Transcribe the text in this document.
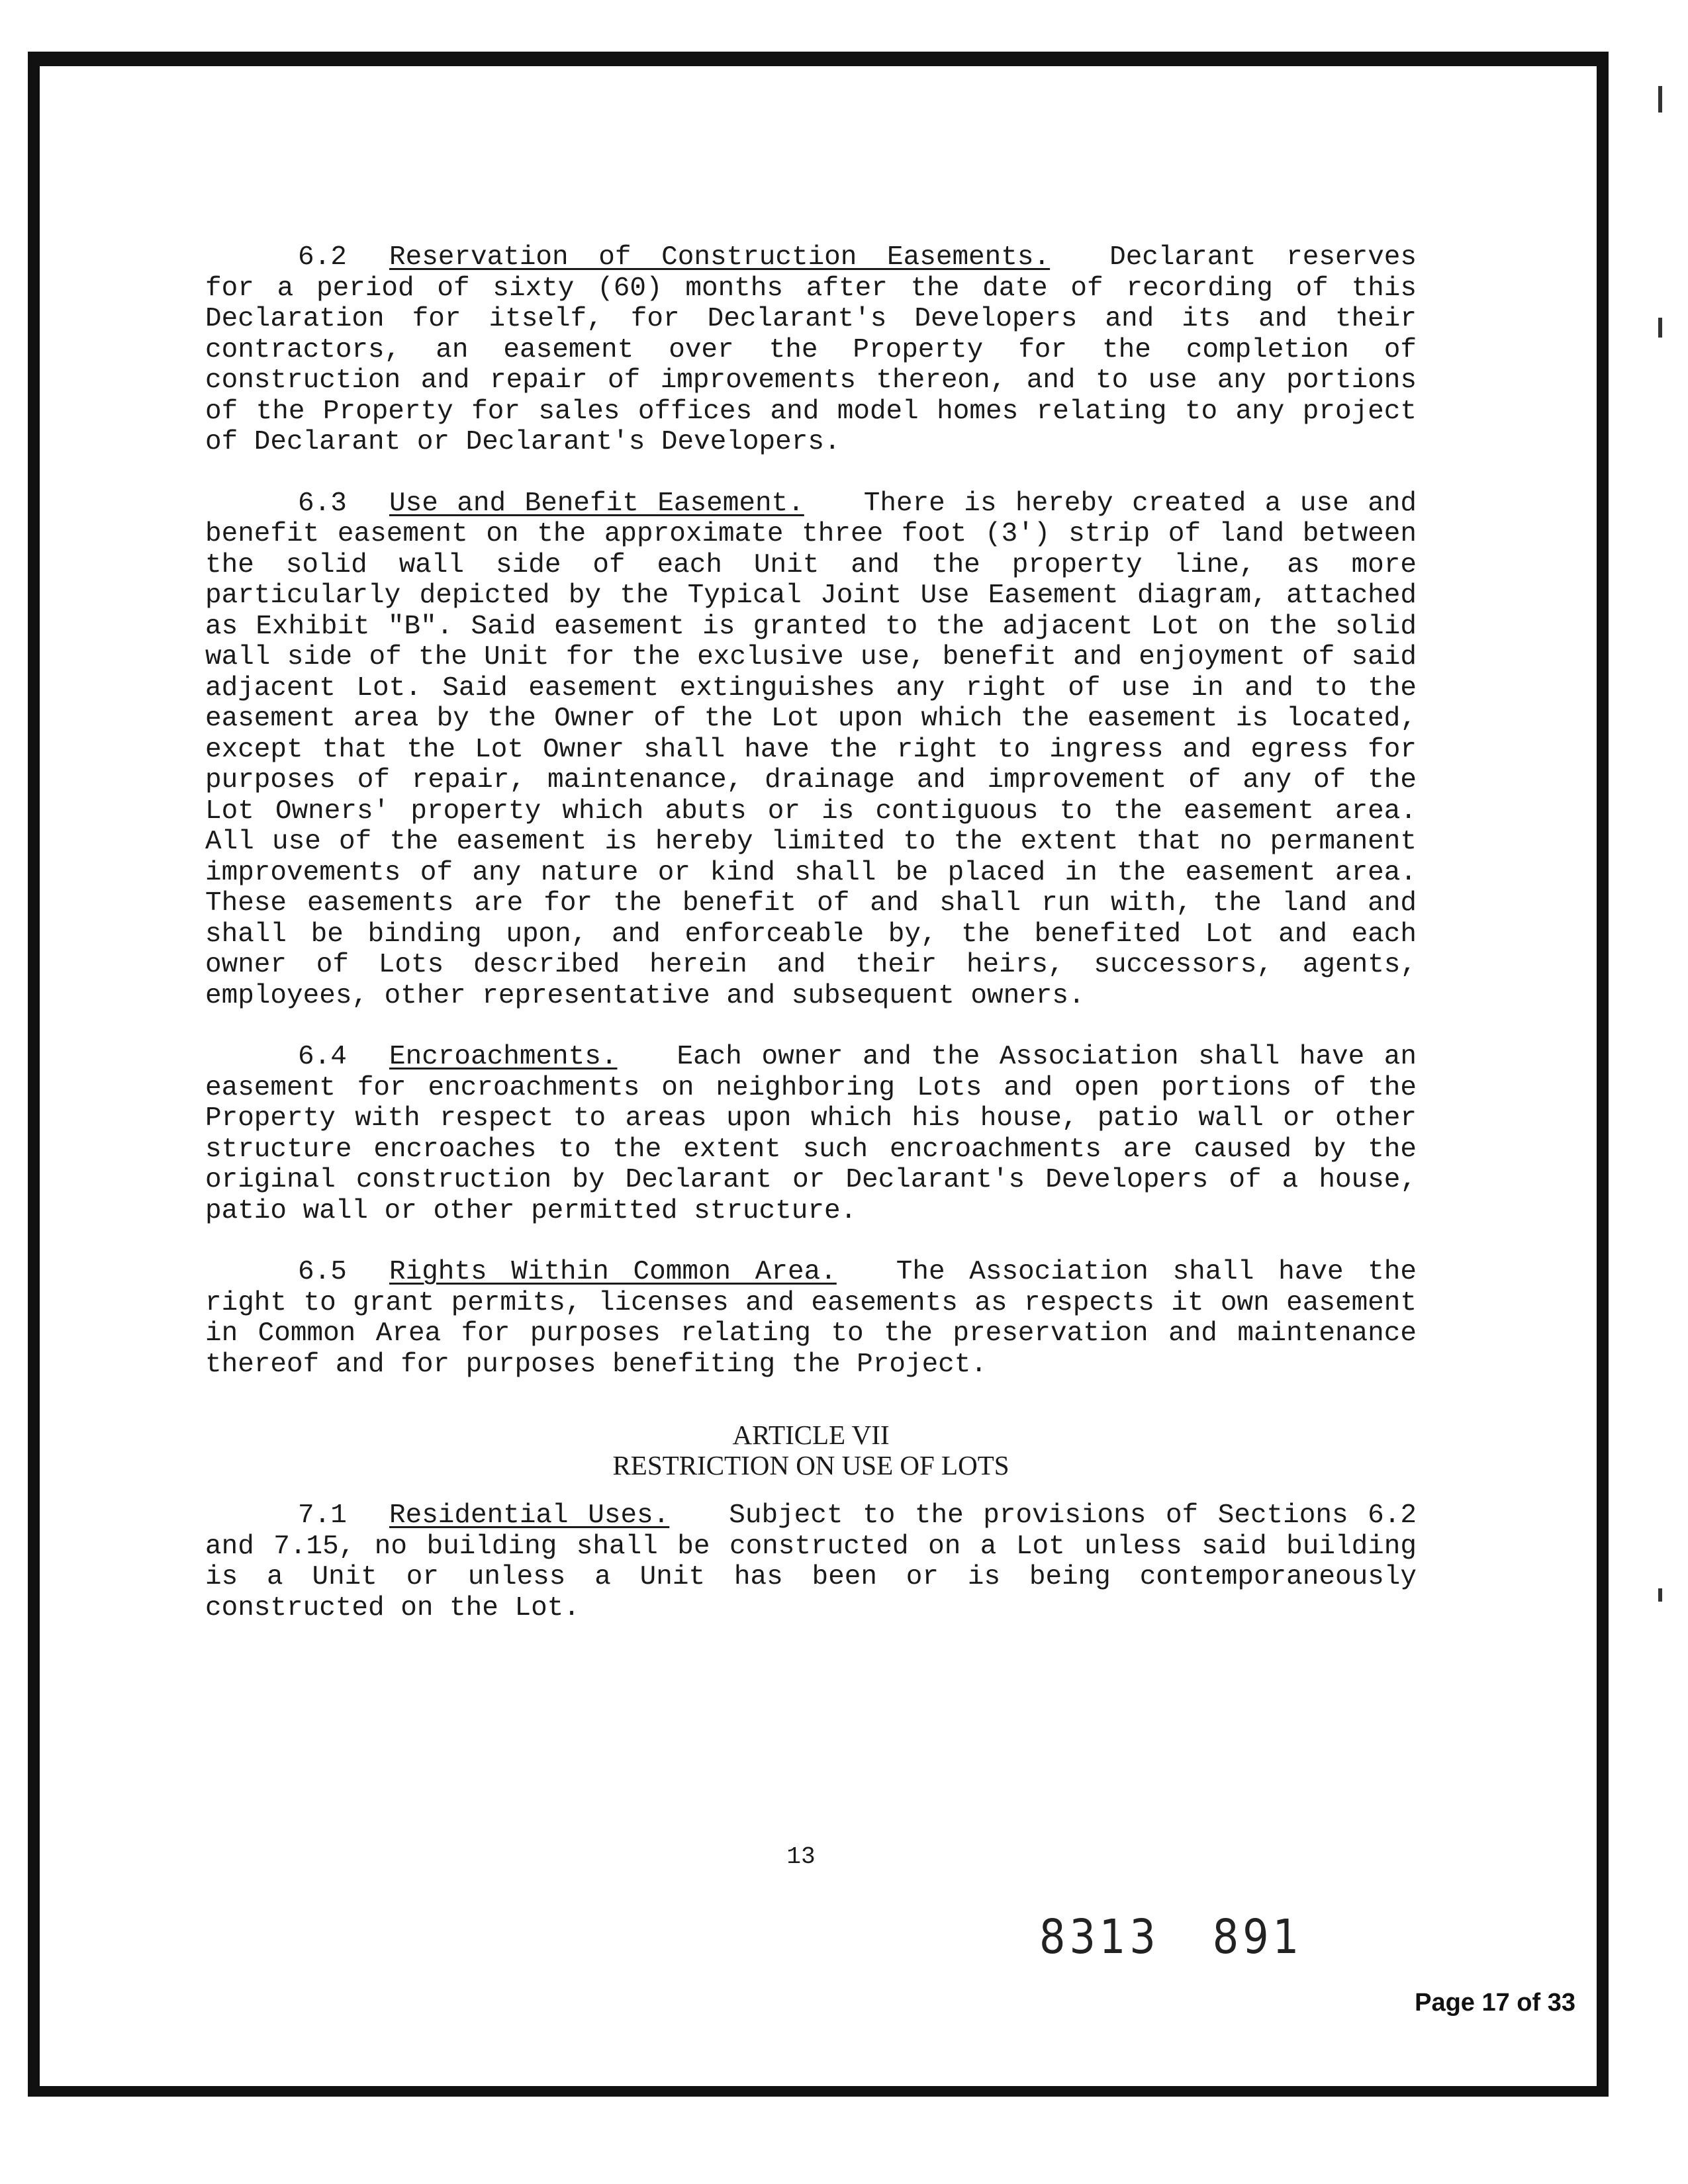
6.2 Reservation of Construction Easements. Declarant reserves for a period of sixty (60) months after the date of recording of this Declaration for itself, for Declarant's Developers and its and their contractors, an easement over the Property for the completion of construction and repair of improvements thereon, and to use any portions of the Property for sales offices and model homes relating to any project of Declarant or Declarant's Developers.

6.3 Use and Benefit Easement. There is hereby created a use and benefit easement on the approximate three foot (3') strip of land between the solid wall side of each Unit and the property line, as more particularly depicted by the Typical Joint Use Easement diagram, attached as Exhibit "B". Said easement is granted to the adjacent Lot on the solid wall side of the Unit for the exclusive use, benefit and enjoyment of said adjacent Lot. Said easement extinguishes any right of use in and to the easement area by the Owner of the Lot upon which the easement is located, except that the Lot Owner shall have the right to ingress and egress for purposes of repair, maintenance, drainage and improvement of any of the Lot Owners' property which abuts or is contiguous to the easement area. All use of the easement is hereby limited to the extent that no permanent improvements of any nature or kind shall be placed in the easement area. These easements are for the benefit of and shall run with, the land and shall be binding upon, and enforceable by, the benefited Lot and each owner of Lots described herein and their heirs, successors, agents, employees, other representative and subsequent owners.

6.4 Encroachments. Each owner and the Association shall have an easement for encroachments on neighboring Lots and open portions of the Property with respect to areas upon which his house, patio wall or other structure encroaches to the extent such encroachments are caused by the original construction by Declarant or Declarant's Developers of a house, patio wall or other permitted structure.

6.5 Rights Within Common Area. The Association shall have the right to grant permits, licenses and easements as respects it own easement in Common Area for purposes relating to the preservation and maintenance thereof and for purposes benefiting the Project.

ARTICLE VII
RESTRICTION ON USE OF LOTS

7.1 Residential Uses. Subject to the provisions of Sections 6.2 and 7.15, no building shall be constructed on a Lot unless said building is a Unit or unless a Unit has been or is being contemporaneously constructed on the Lot.

13
8313 891
Page 17 of 33
